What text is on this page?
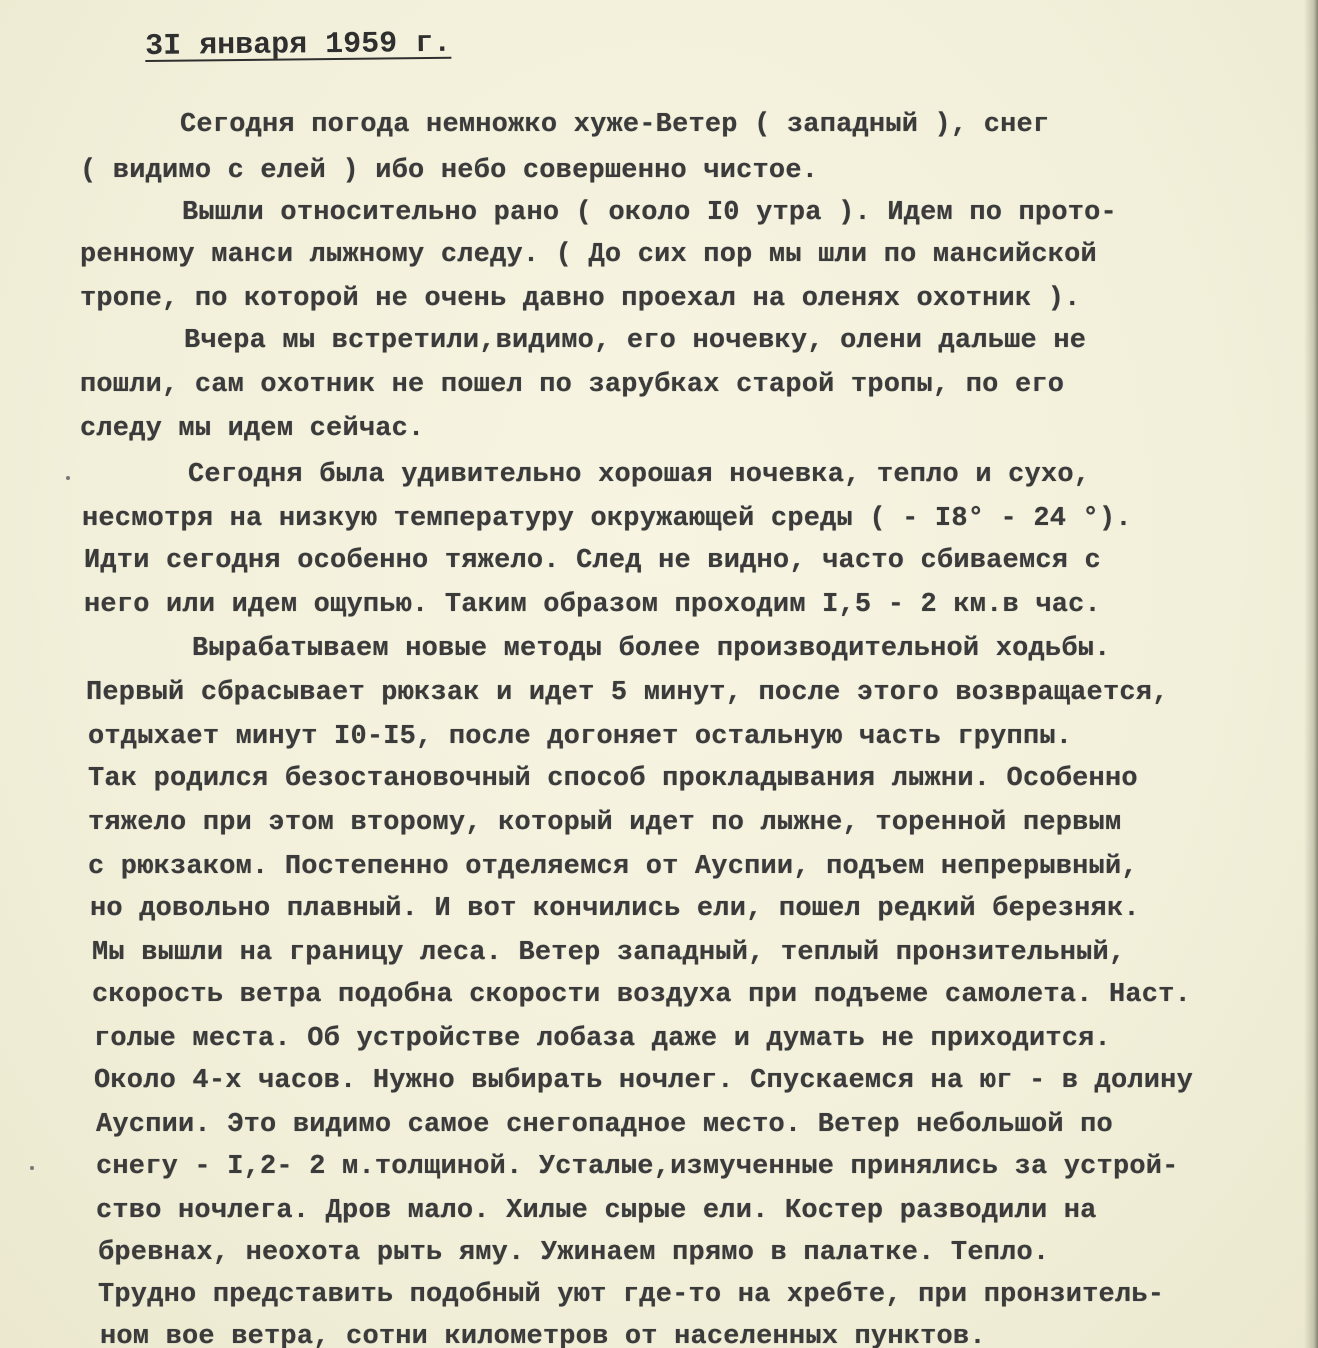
3I января 1959 г.
Сегодня погода немножко хуже-Ветер ( западный ), снег
( видимо с елей ) ибо небо совершенно чистое.
Вышли относительно рано ( около I0 утра ). Идем по прото-
ренному манси лыжному следу. ( До сих пор мы шли по мансийской
тропе, по которой не очень давно проехал на оленях охотник ).
Вчера мы встретили,видимо, его ночевку, олени дальше не
пошли, сам охотник не пошел по зарубках старой тропы, по его
следу мы идем сейчас.
Сегодня была удивительно хорошая ночевка, тепло и сухо,
несмотря на низкую температуру окружающей среды ( - I8° - 24 °).
Идти сегодня особенно тяжело. След не видно, часто сбиваемся с
него или идем ощупью. Таким образом проходим I,5 - 2 км.в час.
Вырабатываем новые методы более производительной ходьбы.
Первый сбрасывает рюкзак и идет 5 минут, после этого возвращается,
отдыхает минут I0-I5, после догоняет остальную часть группы.
Так родился безостановочный способ прокладывания лыжни. Особенно
тяжело при этом второму, который идет по лыжне, торенной первым
с рюкзаком. Постепенно отделяемся от Ауспии, подъем непрерывный,
но довольно плавный. И вот кончились ели, пошел редкий березняк.
Мы вышли на границу леса. Ветер западный, теплый пронзительный,
скорость ветра подобна скорости воздуха при подъеме самолета. Наст.
голые места. Об устройстве лобаза даже и думать не приходится.
Около 4-х часов. Нужно выбирать ночлег. Спускаемся на юг - в долину
Ауспии. Это видимо самое снегопадное место. Ветер небольшой по
снегу - I,2- 2 м.толщиной. Усталые,измученные принялись за устрой-
ство ночлега. Дров мало. Хилые сырые ели. Костер разводили на
бревнах, неохота рыть яму. Ужинаем прямо в палатке. Тепло.
Трудно представить подобный уют где-то на хребте, при пронзитель-
ном вое ветра, сотни километров от населенных пунктов.
